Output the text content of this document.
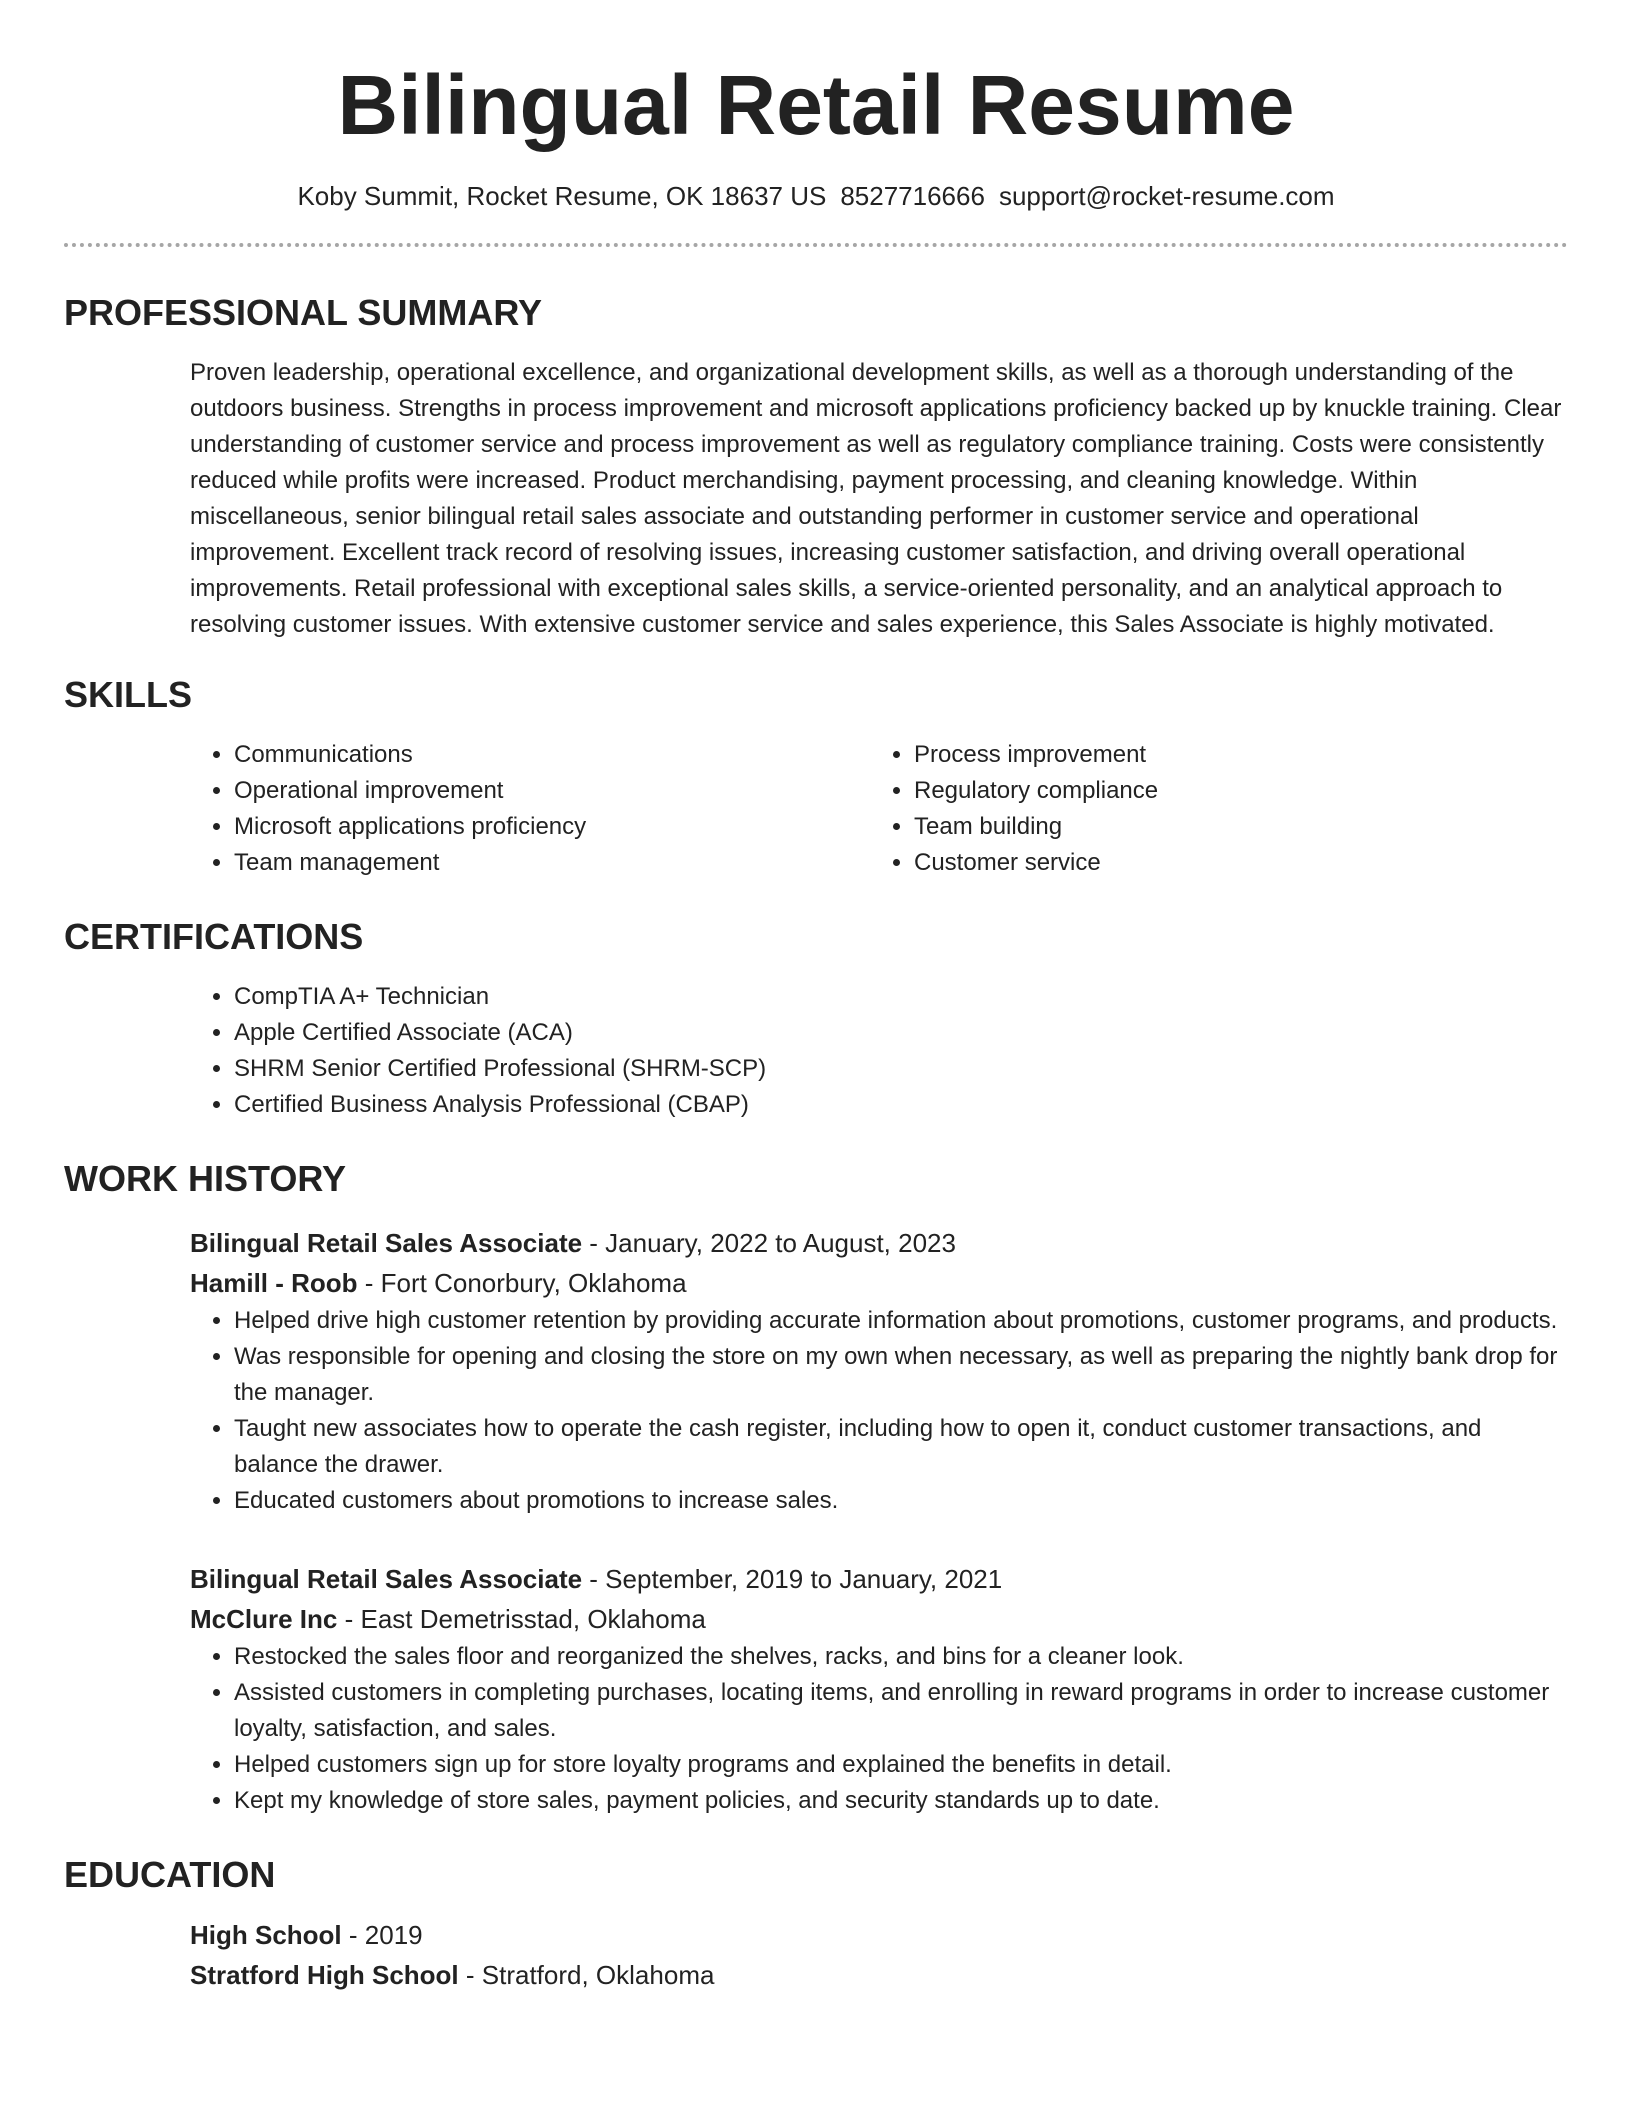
Bilingual Retail Resume
Koby Summit, Rocket Resume, OK 18637 US 8527716666 support@rocket-resume.com
PROFESSIONAL SUMMARY
Proven leadership, operational excellence, and organizational development skills, as well as a thorough understanding of the outdoors business. Strengths in process improvement and microsoft applications proficiency backed up by knuckle training. Clear understanding of customer service and process improvement as well as regulatory compliance training. Costs were consistently reduced while profits were increased. Product merchandising, payment processing, and cleaning knowledge. Within miscellaneous, senior bilingual retail sales associate and outstanding performer in customer service and operational improvement. Excellent track record of resolving issues, increasing customer satisfaction, and driving overall operational improvements. Retail professional with exceptional sales skills, a service-oriented personality, and an analytical approach to resolving customer issues. With extensive customer service and sales experience, this Sales Associate is highly motivated.
SKILLS
• Communications
• Operational improvement
• Microsoft applications proficiency
• Team management
• Process improvement
• Regulatory compliance
• Team building
• Customer service
CERTIFICATIONS
• CompTIA A+ Technician
• Apple Certified Associate (ACA)
• SHRM Senior Certified Professional (SHRM-SCP)
• Certified Business Analysis Professional (CBAP)
WORK HISTORY
Bilingual Retail Sales Associate - January, 2022 to August, 2023
Hamill - Roob - Fort Conorbury, Oklahoma
• Helped drive high customer retention by providing accurate information about promotions, customer programs, and products.
• Was responsible for opening and closing the store on my own when necessary, as well as preparing the nightly bank drop for the manager.
• Taught new associates how to operate the cash register, including how to open it, conduct customer transactions, and balance the drawer.
• Educated customers about promotions to increase sales.
Bilingual Retail Sales Associate - September, 2019 to January, 2021
McClure Inc - East Demetrisstad, Oklahoma
• Restocked the sales floor and reorganized the shelves, racks, and bins for a cleaner look.
• Assisted customers in completing purchases, locating items, and enrolling in reward programs in order to increase customer loyalty, satisfaction, and sales.
• Helped customers sign up for store loyalty programs and explained the benefits in detail.
• Kept my knowledge of store sales, payment policies, and security standards up to date.
EDUCATION
High School - 2019
Stratford High School - Stratford, Oklahoma
